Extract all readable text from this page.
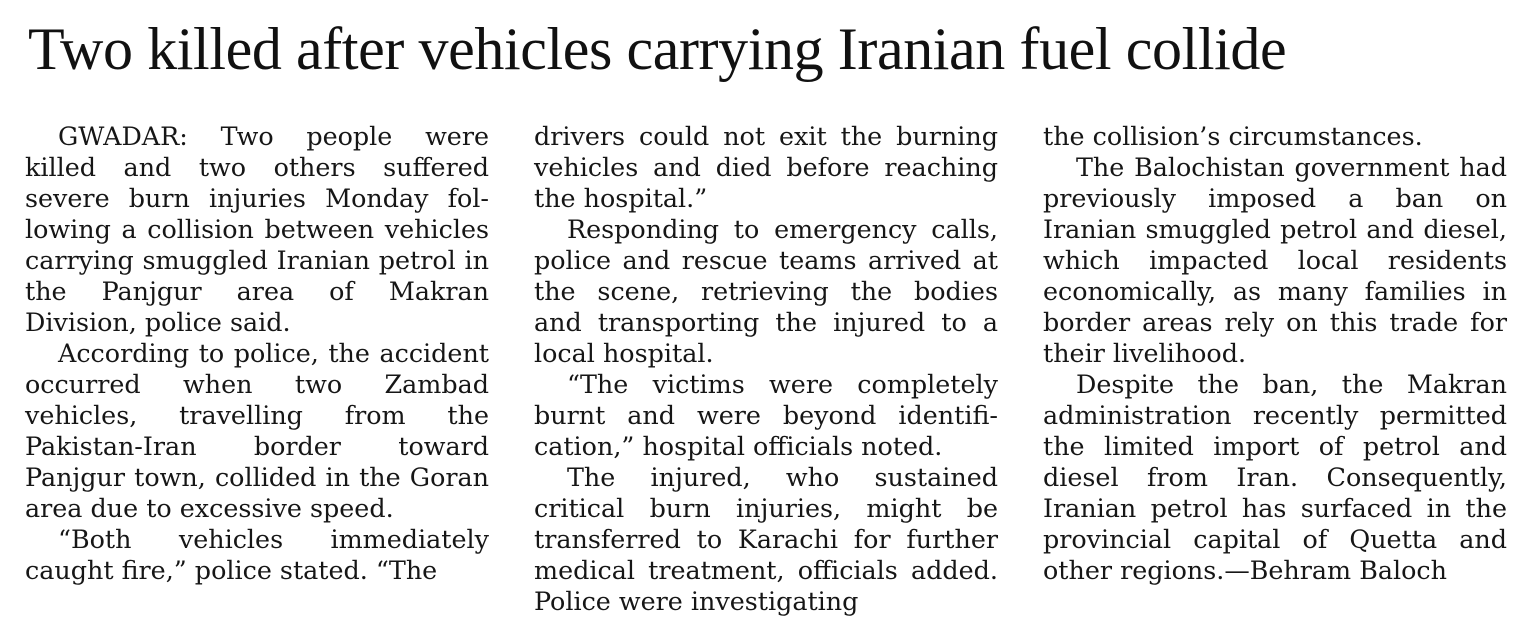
Two killed after vehicles carrying Iranian fuel collide

GWADAR: Two people were killed and two others suffered severe burn injuries Monday following a collision between vehicles carrying smuggled Iranian petrol in the Panjgur area of Makran Division, police said.

According to police, the accident occurred when two Zambad vehicles, travelling from the Pakistan-Iran border toward Panjgur town, collided in the Goran area due to excessive speed.

“Both vehicles immediately caught fire,” police stated. “The

drivers could not exit the burning vehicles and died before reaching the hospital.”

Responding to emergency calls, police and rescue teams arrived at the scene, retrieving the bodies and transporting the injured to a local hospital.

“The victims were completely burnt and were beyond identification,” hospital officials noted.

The injured, who sustained critical burn injuries, might be transferred to Karachi for further medical treatment, officials added. Police were investigating

the collision’s circumstances.

The Balochistan government had previously imposed a ban on Iranian smuggled petrol and diesel, which impacted local residents economically, as many families in border areas rely on this trade for their livelihood.

Despite the ban, the Makran administration recently permitted the limited import of petrol and diesel from Iran. Consequently, Iranian petrol has surfaced in the provincial capital of Quetta and other regions.—Behram Baloch
